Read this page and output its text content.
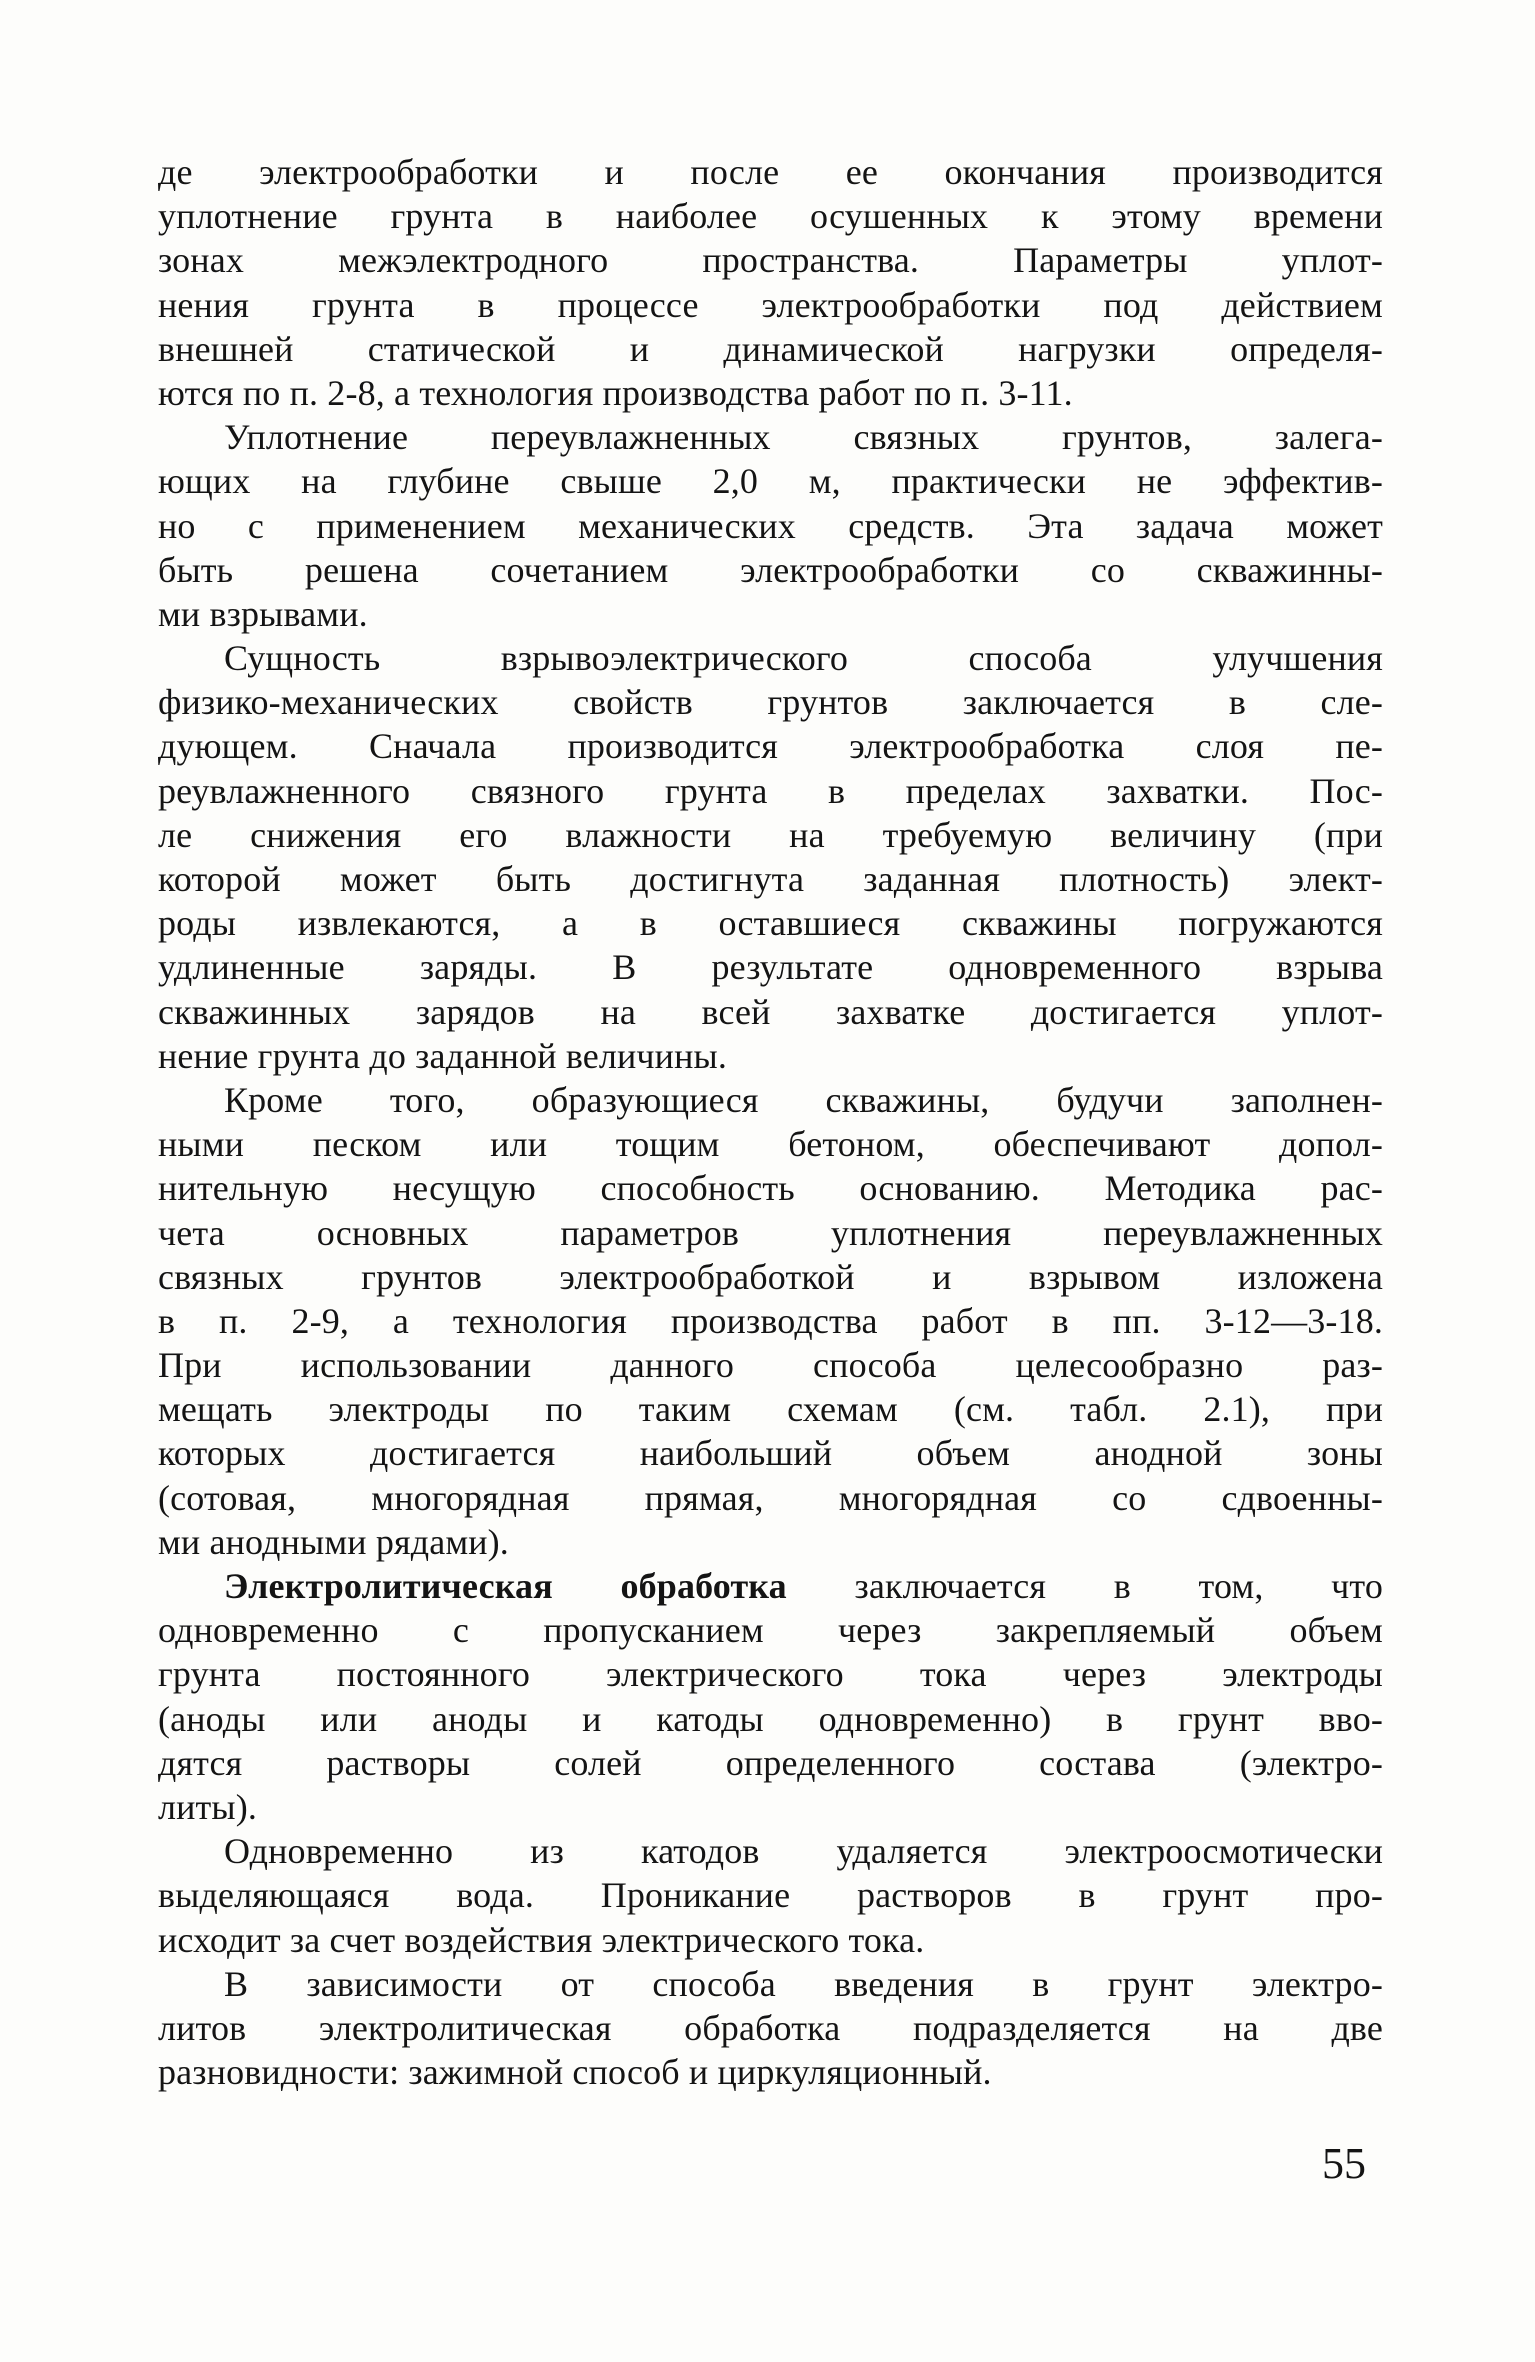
де электрообработки и после ее окончания производится
уплотнение грунта в наиболее осушенных к этому времени
зонах межэлектродного пространства. Параметры уплот-
нения грунта в процессе электрообработки под действием
внешней статической и динамической нагрузки определя-
ются по п. 2-8, а технология производства работ по п. 3-11.
Уплотнение переувлажненных связных грунтов, залега-
ющих на глубине свыше 2,0 м, практически не эффектив-
но с применением механических средств. Эта задача может
быть решена сочетанием электрообработки со скважинны-
ми взрывами.
Сущность взрывоэлектрического способа улучшения
физико-механических свойств грунтов заключается в сле-
дующем. Сначала производится электрообработка слоя пе-
реувлажненного связного грунта в пределах захватки. Пос-
ле снижения его влажности на требуемую величину (при
которой может быть достигнута заданная плотность) элект-
роды извлекаются, а в оставшиеся скважины погружаются
удлиненные заряды. В результате одновременного взрыва
скважинных зарядов на всей захватке достигается уплот-
нение грунта до заданной величины.
Кроме того, образующиеся скважины, будучи заполнен-
ными песком или тощим бетоном, обеспечивают допол-
нительную несущую способность основанию. Методика рас-
чета основных параметров уплотнения переувлажненных
связных грунтов электрообработкой и взрывом изложена
в п. 2-9, а технология производства работ в пп. 3-12—3-18.
При использовании данного способа целесообразно раз-
мещать электроды по таким схемам (см. табл. 2.1), при
которых достигается наибольший объем анодной зоны
(сотовая, многорядная прямая, многорядная со сдвоенны-
ми анодными рядами).
Электролитическая обработка заключается в том, что
одновременно с пропусканием через закрепляемый объем
грунта постоянного электрического тока через электроды
(аноды или аноды и катоды одновременно) в грунт вво-
дятся растворы солей определенного состава (электро-
литы).
Одновременно из катодов удаляется электроосмотически
выделяющаяся вода. Проникание растворов в грунт про-
исходит за счет воздействия электрического тока.
В зависимости от способа введения в грунт электро-
литов электролитическая обработка подразделяется на две
разновидности: зажимной способ и циркуляционный.
55
